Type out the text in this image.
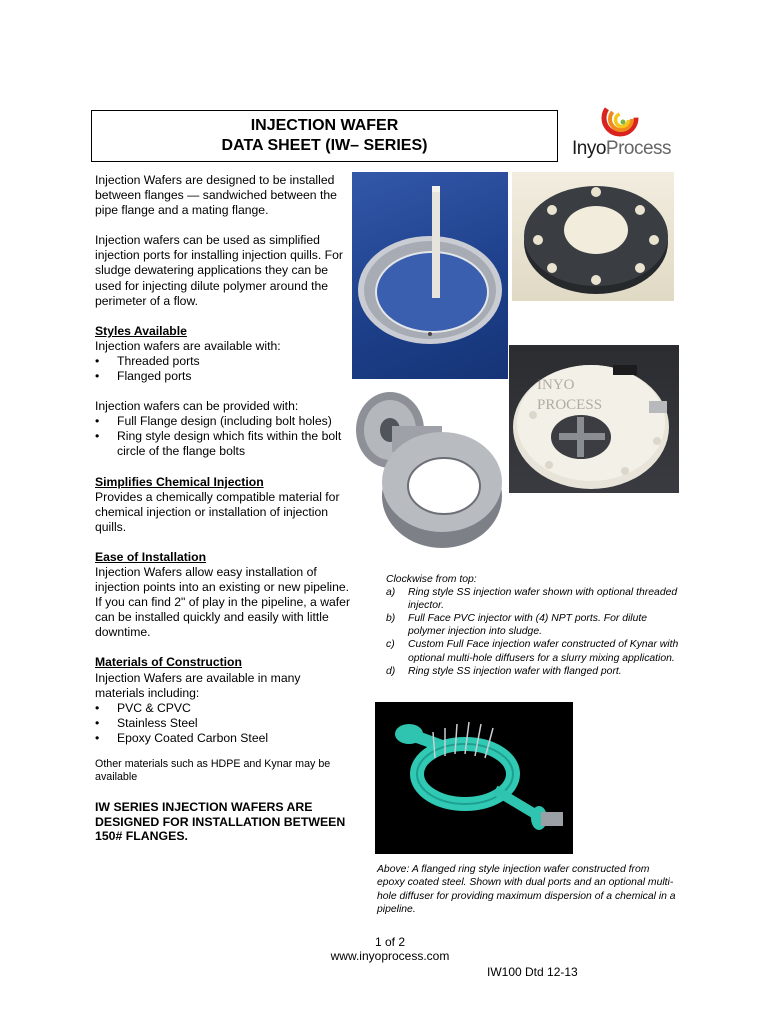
INJECTION WAFER
DATA SHEET (IW– SERIES)	InyoProcess

Injection Wafers are designed to be installed between flanges — sandwiched between the pipe flange and a mating flange.

Injection wafers can be used as simplified injection ports for installing injection quills. For sludge dewatering applications they can be used for injecting dilute polymer around the perimeter of a flow.

Styles Available

Injection wafers are available with:

• Threaded ports
• Flanged ports

Injection wafers can be provided with:

• Full Flange design (including bolt holes)
• Ring style design which fits within the bolt circle of the flange bolts

Simplifies Chemical Injection

Provides a chemically compatible material for chemical injection or installation of injection quills.

Ease of Installation

Injection Wafers allow easy installation of injection points into an existing or new pipeline. If you can find 2" of play in the pipeline, a wafer can be installed quickly and easily with little downtime.

Materials of Construction

Injection Wafers are available in many materials including:

• PVC & CPVC
• Stainless Steel
• Epoxy Coated Carbon Steel

Other materials such as HDPE and Kynar may be available

IW SERIES INJECTION WAFERS ARE DESIGNED FOR INSTALLATION BETWEEN 150# FLANGES.

INYO
PROCESS
Clockwise from top:
a) Ring style SS injection wafer shown with optional threaded injector.
b) Full Face PVC injector with (4) NPT ports. For dilute polymer injection into sludge.
c) Custom Full Face injection wafer constructed of Kynar with optional multi-hole diffusers for a slurry mixing application.
d) Ring style SS injection wafer with flanged port.
Above: A flanged ring style injection wafer constructed from epoxy coated steel. Shown with dual ports and an optional multi-hole diffuser for providing maximum dispersion of a chemical in a pipeline.
1 of 2
www.inyoprocess.com
IW100 Dtd 12-13
